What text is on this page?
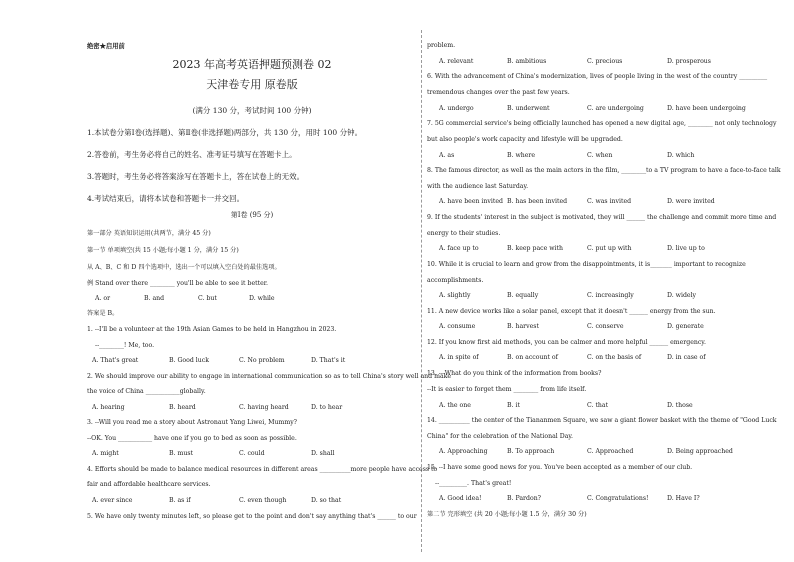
绝密★启用前
2023 年高考英语押题预测卷 02
天津卷专用 原卷版
(满分 130 分，考试时间 100 分钟)
1.本试卷分第Ⅰ卷(选择题)、第Ⅱ卷(非选择题)两部分，共 130 分，用时 100 分钟。
2.答卷前，考生务必将自己的姓名、准考证号填写在答题卡上。
3.答题时，考生务必将答案涂写在答题卡上，答在试卷上的无效。
4.考试结束后，请将本试卷和答题卡一并交回。
第Ⅰ卷 (95 分)
第一部分 英语知识运用(共两节，满分 45 分)
第一节 单项填空(共 15 小题;每小题 1 分，满分 15 分)
从 A、B、C 和 D 四个选项中，选出一个可以填入空白处的最佳选项。
例 Stand over there ________ you'll be able to see it better.
A. or	B. and	C. but	D. while
答案是 B。
1. --I'll be a volunteer at the 19th Asian Games to be held in Hangzhou in 2023.
--________! Me, too.
A. That's great	B. Good luck	C. No problem	D. That's it
2. We should improve our ability to engage in international communication so as to tell China's story well and make
the voice of China ___________globally.
A. hearing	B. heard	C. having heard	D. to hear
3. --Will you read me a story about Astronaut Yang Liwei, Mummy?
--OK. You ___________ have one if you go to bed as soon as possible.
A. might	B. must	C. could	D. shall
4. Efforts should be made to balance medical resources in different areas __________more people have access to
fair and affordable healthcare services.
A. ever since	B. as if	C. even though	D. so that
5. We have only twenty minutes left, so please get to the point and don't say anything that's ______ to our
problem.
A. relevant	B. ambitious	C. precious	D. prosperous
6. With the advancement of China's modernization, lives of people living in the west of the country _________
tremendous changes over the past few years.
A. undergo	B. underwent	C. are undergoing	D. have been undergoing
7. 5G commercial service's being officially launched has opened a new digital age, ________ not only technology
but also people's work capacity and lifestyle will be upgraded.
A. as	B. where	C. when	D. which
8. The famous director, as well as the main actors in the film, ________to a TV program to have a face-to-face talk
with the audience last Saturday.
A. have been invited B. has been invited	C. was invited	D. were invited
9. If the students' interest in the subject is motivated, they will ______ the challenge and commit more time and
energy to their studies.
A. face up to	B. keep pace with	C. put up with	D. live up to
10. While it is crucial to learn and grow from the disappointments, it is_______ important to recognize
accomplishments.
A. slightly	B. equally	C. increasingly	D. widely
11. A new device works like a solar panel, except that it doesn't ______ energy from the sun.
A. consume	B. harvest	C. conserve	D. generate
12. If you know first aid methods, you can be calmer and more helpful ______ emergency.
A. in spite of	B. on account of	C. on the basis of	D. in case of
13. ---What do you think of the information from books?
--It is easier to forget them ________ from life itself.
A. the one	B. it	C. that	D. those
14. __________ the center of the Tiananmen Square, we saw a giant flower basket with the theme of "Good Luck
China" for the celebration of the National Day.
A. Approaching	B. To approach	C. Approached	D. Being approached
15. --I have some good news for you. You've been accepted as a member of our club.
--_________. That's great!
A. Good idea!	B. Pardon?	C. Congratulations!	D. Have I?
第二节 完形填空 (共 20 小题;每小题 1.5 分，满分 30 分)
